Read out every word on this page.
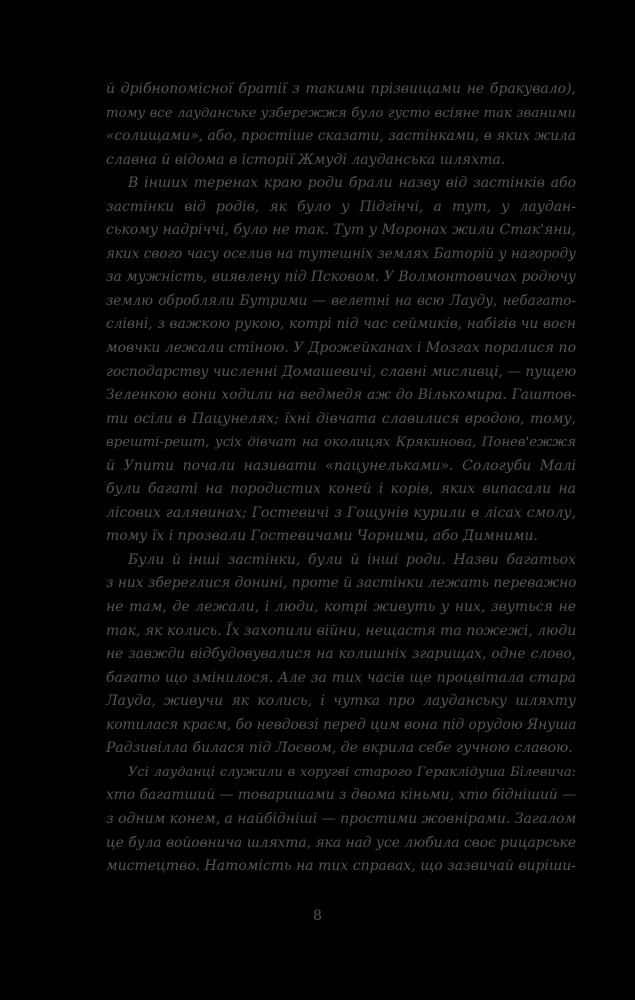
й дрібнопомісної братії з такими прізвищами не бракувало),
тому все лауданське узбережжя було густо всіяне так званими
«солищами», або, простіше сказати, застінками, в яких жила
славна й відома в історії Жмуді лауданська шляхта.
В інших теренах краю роди брали назву від застінків або
застінки від родів, як було у Підгінчі, а тут, у лаудан-
ському надріччі, було не так. Тут у Моронах жили Стак'яни,
яких свого часу оселив на тутешніх землях Баторій у нагороду
за мужність, виявлену під Псковом. У Волмонтовичах родючу
землю обробляли Бутрими — велетні на всю Лауду, небагато-
слівні, з важкою рукою, котрі під час сеймиків, набігів чи воєн
мовчки лежали стіною. У Дрожейканах і Мозгах поралися по
господарству численні Домашевичі, славні мисливці, — пущею
Зеленкою вони ходили на ведмедя аж до Вількомира. Гаштов-
ти осіли в Пацунелях; їхні дівчата славилися вродою, тому,
врешті-решт, усіх дівчат на околицях Крякинова, Понев'ежжя
й Упити почали називати «пацунельками». Сологуби Малі
були багаті на породистих коней і корів, яких випасали на
лісових галявинах; Гостевичі з Гощунів курили в лісах смолу,
тому їх і прозвали Гостевичами Чорними, або Димними.
Були й інші застінки, були й інші роди. Назви багатьох
з них збереглися донині, проте й застінки лежать переважно
не там, де лежали, і люди, котрі живуть у них, звуться не
так, як колись. Їх захопили війни, нещастя та пожежі, люди
не завжди відбудовувалися на колишніх згарищах, одне слово,
багато що змінилося. Але за тих часів ще процвітала стара
Лауда, живучи як колись, і чутка про лауданську шляхту
котилася краєм, бо невдовзі перед цим вона під орудою Януша
Радзивілла билася під Лоєвом, де вкрила себе гучною славою.
Усі лауданці служили в хоругві старого Гераклідуша Білевича:
хто багатший — товаришами з двома кіньми, хто бідніший —
з одним конем, а найбідніші — простими жовнірами. Загалом
це була войовнича шляхта, яка над усе любила своє рицарське
мистецтво. Натомість на тих справах, що зазвичай виріши-
8
